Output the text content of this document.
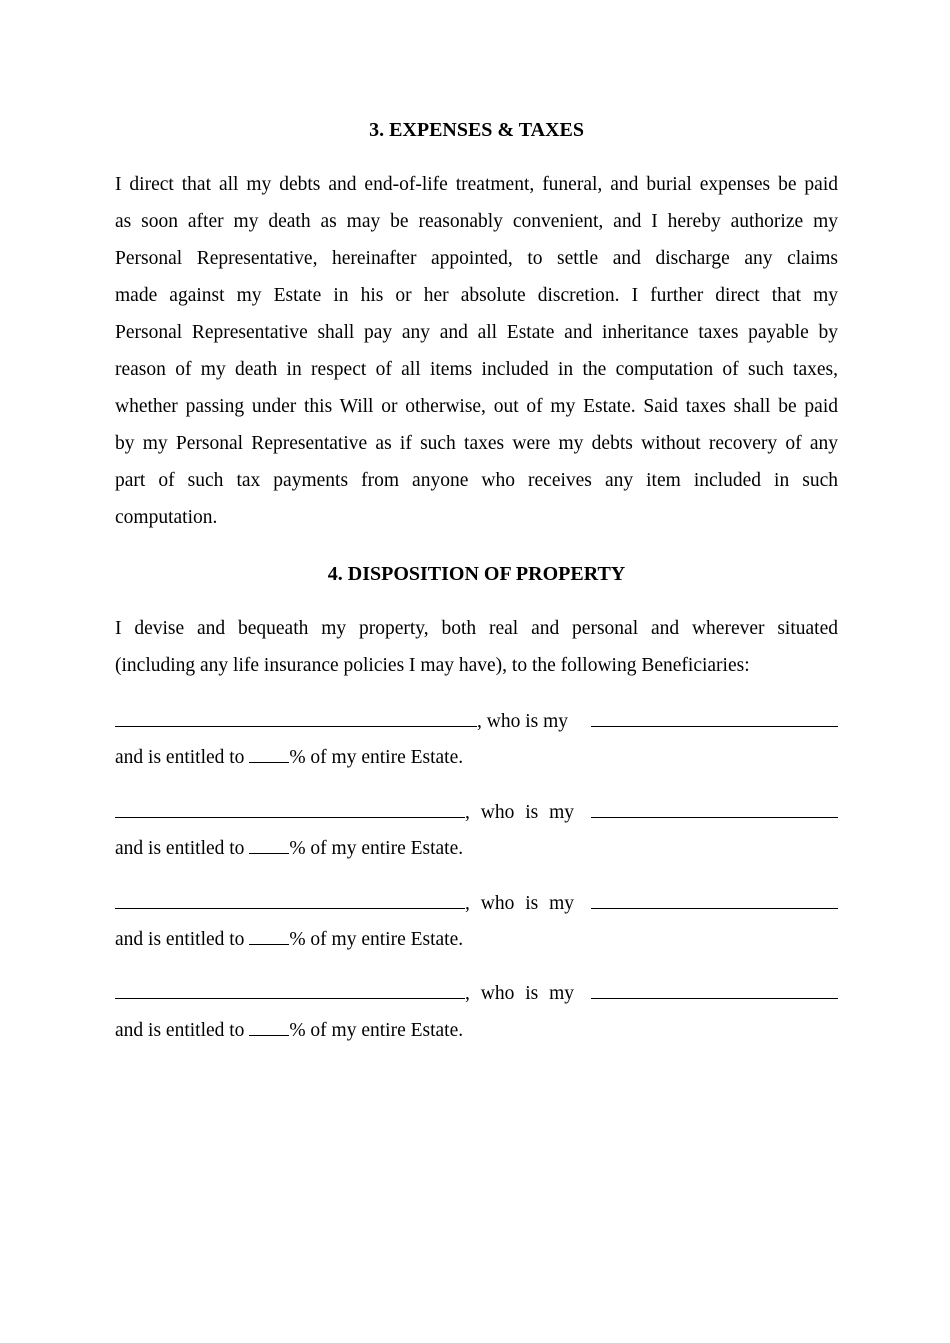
3. EXPENSES & TAXES
I direct that all my debts and end-of-life treatment, funeral, and burial expenses be paid
as soon after my death as may be reasonably convenient, and I hereby authorize my
Personal Representative, hereinafter appointed, to settle and discharge any claims
made against my Estate in his or her absolute discretion. I further direct that my
Personal Representative shall pay any and all Estate and inheritance taxes payable by
reason of my death in respect of all items included in the computation of such taxes,
whether passing under this Will or otherwise, out of my Estate. Said taxes shall be paid
by my Personal Representative as if such taxes were my debts without recovery of any
part of such tax payments from anyone who receives any item included in such
computation.
4. DISPOSITION OF PROPERTY
I devise and bequeath my property, both real and personal and wherever situated
(including any life insurance policies I may have), to the following Beneficiaries:
, who is my
and is entitled to % of my entire Estate.
, who is my
and is entitled to % of my entire Estate.
, who is my
and is entitled to % of my entire Estate.
, who is my
and is entitled to % of my entire Estate.
